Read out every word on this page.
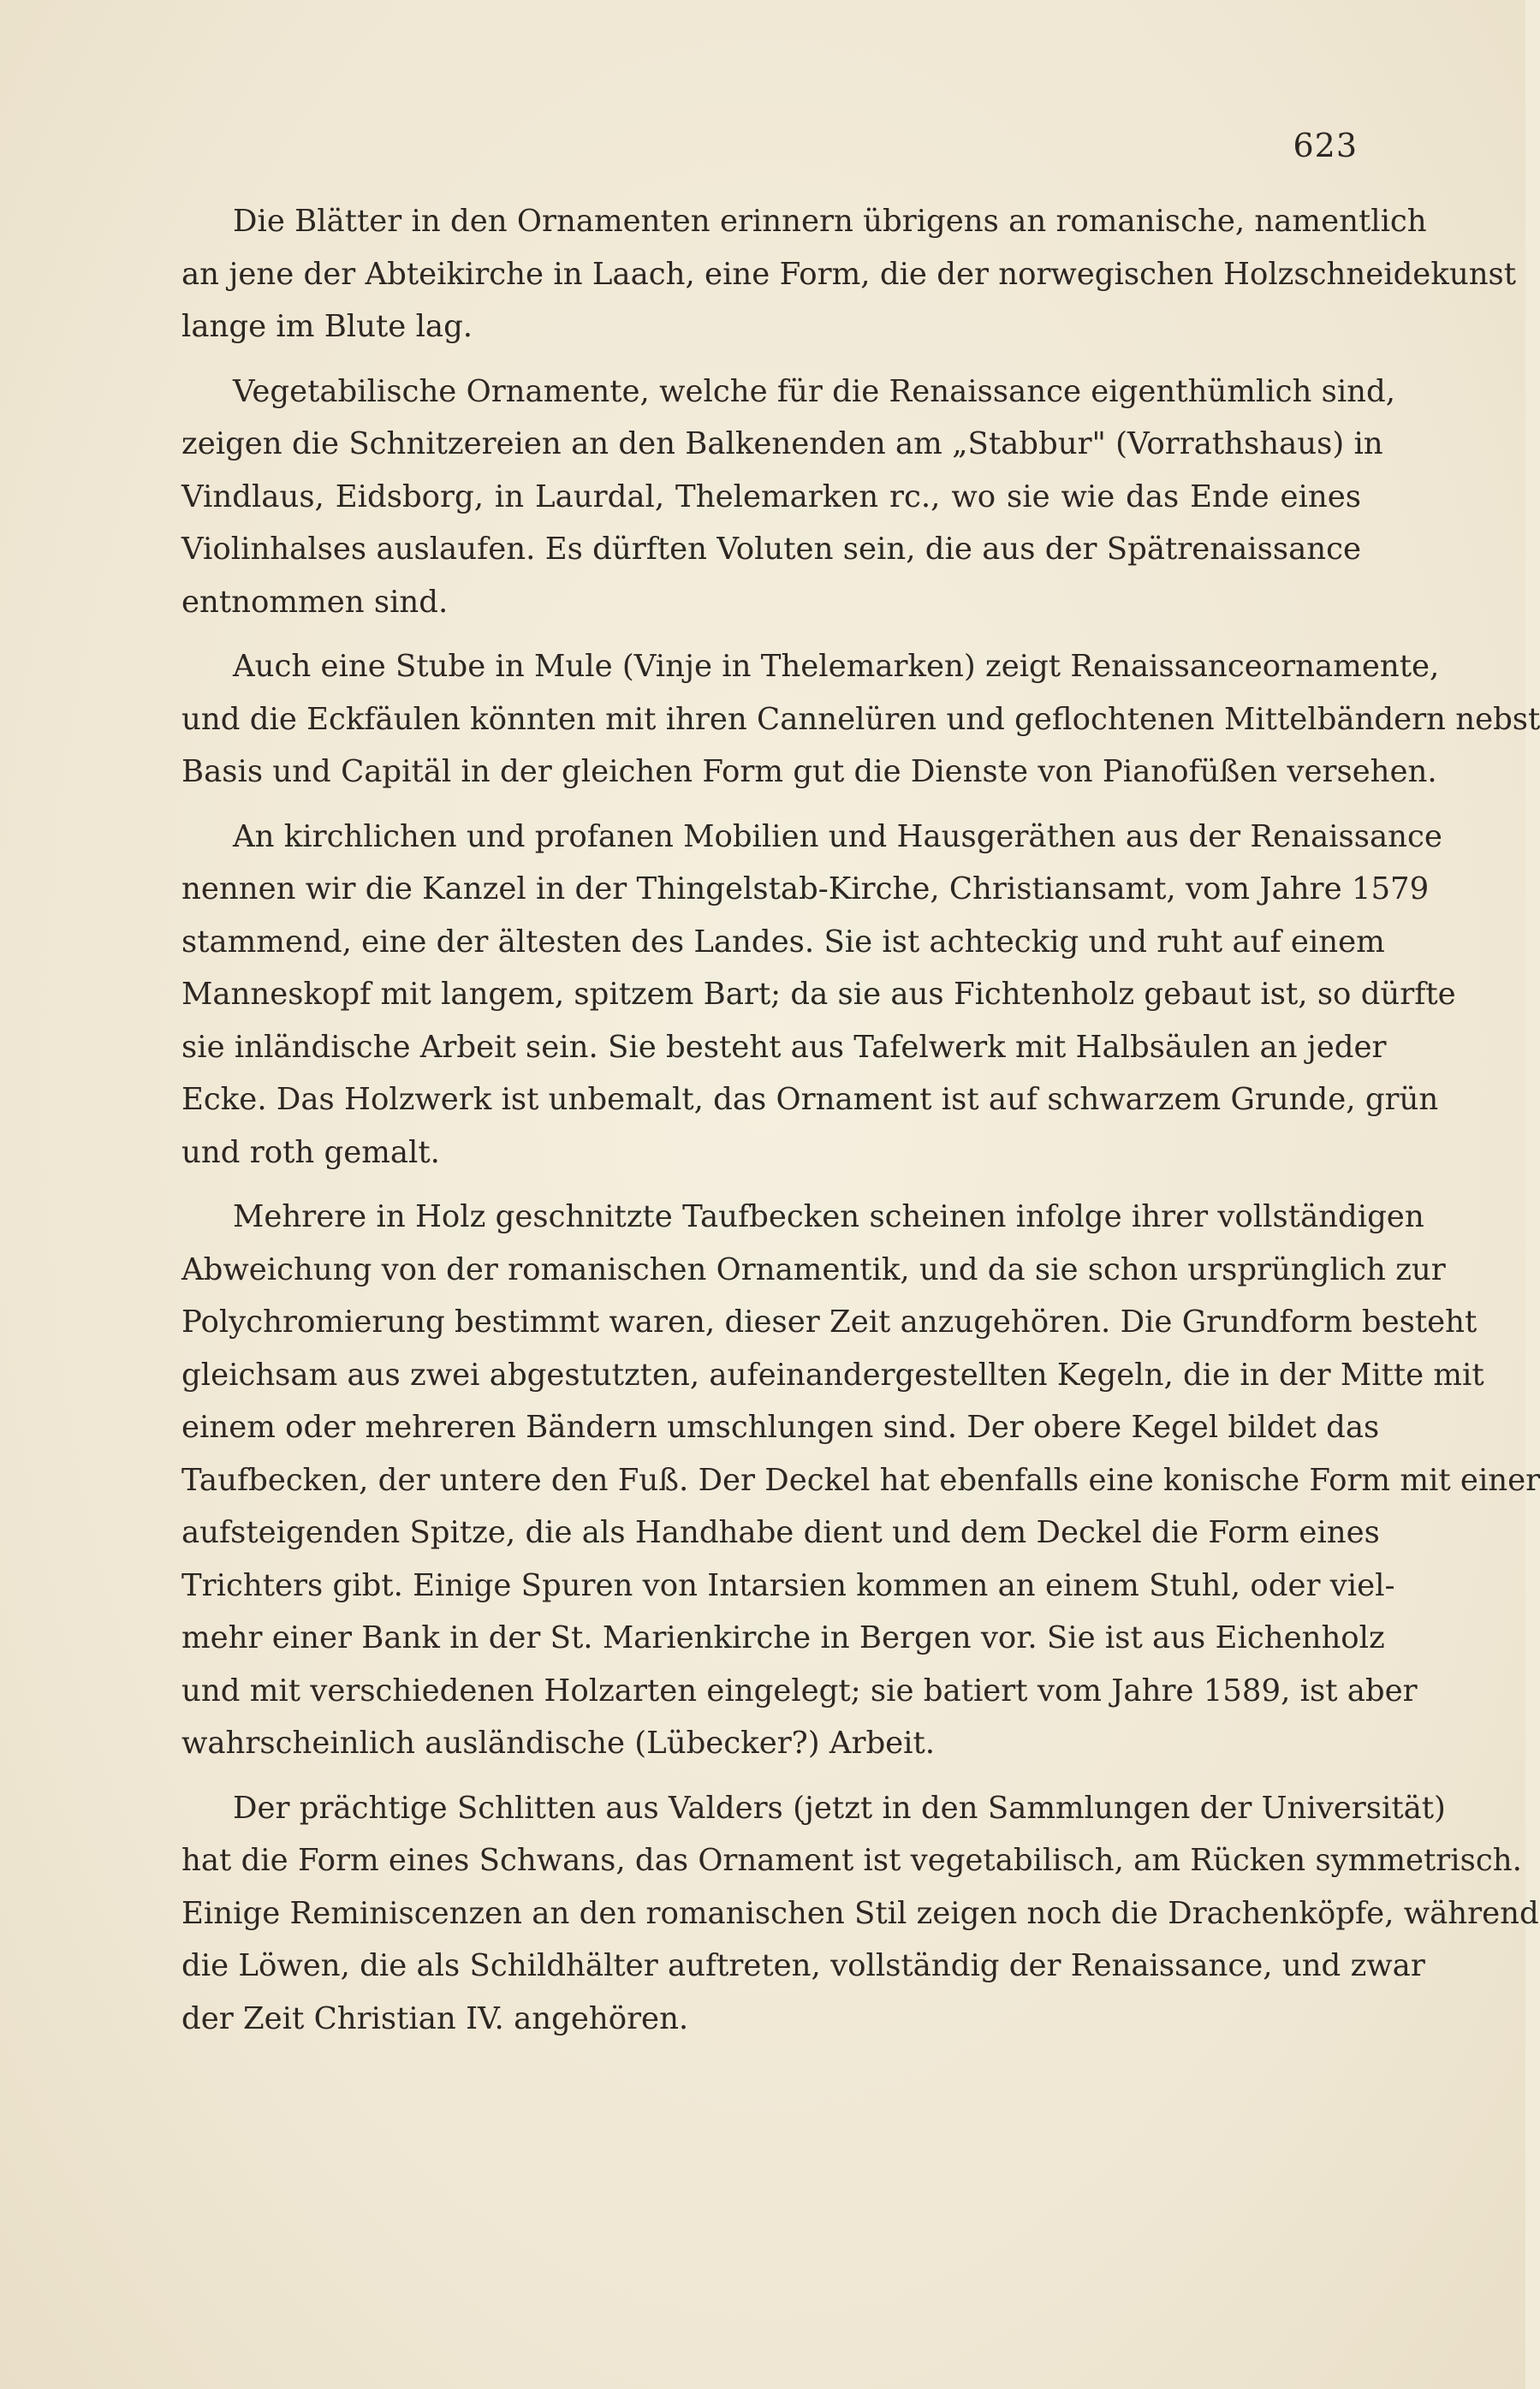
623
Die Blätter in den Ornamenten erinnern übrigens an romanische, namentlich
an jene der Abteikirche in Laach, eine Form, die der norwegischen Holzschneidekunst
lange im Blute lag.
Vegetabilische Ornamente, welche für die Renaissance eigenthümlich sind,
zeigen die Schnitzereien an den Balkenenden am „Stabbur" (Vorrathshaus) in
Vindlaus, Eidsborg, in Laurdal, Thelemarken rc., wo sie wie das Ende eines
Violinhalses auslaufen. Es dürften Voluten sein, die aus der Spätrenaissance
entnommen sind.
Auch eine Stube in Mule (Vinje in Thelemarken) zeigt Renaissanceornamente,
und die Eckfäulen könnten mit ihren Cannelüren und geflochtenen Mittelbändern nebst
Basis und Capitäl in der gleichen Form gut die Dienste von Pianofüßen versehen.
An kirchlichen und profanen Mobilien und Hausgeräthen aus der Renaissance
nennen wir die Kanzel in der Thingelstab-Kirche, Christiansamt, vom Jahre 1579
stammend, eine der ältesten des Landes. Sie ist achteckig und ruht auf einem
Manneskopf mit langem, spitzem Bart; da sie aus Fichtenholz gebaut ist, so dürfte
sie inländische Arbeit sein. Sie besteht aus Tafelwerk mit Halbsäulen an jeder
Ecke. Das Holzwerk ist unbemalt, das Ornament ist auf schwarzem Grunde, grün
und roth gemalt.
Mehrere in Holz geschnitzte Taufbecken scheinen infolge ihrer vollständigen
Abweichung von der romanischen Ornamentik, und da sie schon ursprünglich zur
Polychromierung bestimmt waren, dieser Zeit anzugehören. Die Grundform besteht
gleichsam aus zwei abgestutzten, aufeinandergestellten Kegeln, die in der Mitte mit
einem oder mehreren Bändern umschlungen sind. Der obere Kegel bildet das
Taufbecken, der untere den Fuß. Der Deckel hat ebenfalls eine konische Form mit einer
aufsteigenden Spitze, die als Handhabe dient und dem Deckel die Form eines
Trichters gibt. Einige Spuren von Intarsien kommen an einem Stuhl, oder viel-
mehr einer Bank in der St. Marienkirche in Bergen vor. Sie ist aus Eichenholz
und mit verschiedenen Holzarten eingelegt; sie batiert vom Jahre 1589, ist aber
wahrscheinlich ausländische (Lübecker?) Arbeit.
Der prächtige Schlitten aus Valders (jetzt in den Sammlungen der Universität)
hat die Form eines Schwans, das Ornament ist vegetabilisch, am Rücken symmetrisch.
Einige Reminiscenzen an den romanischen Stil zeigen noch die Drachenköpfe, während
die Löwen, die als Schildhälter auftreten, vollständig der Renaissance, und zwar
der Zeit Christian IV. angehören.
